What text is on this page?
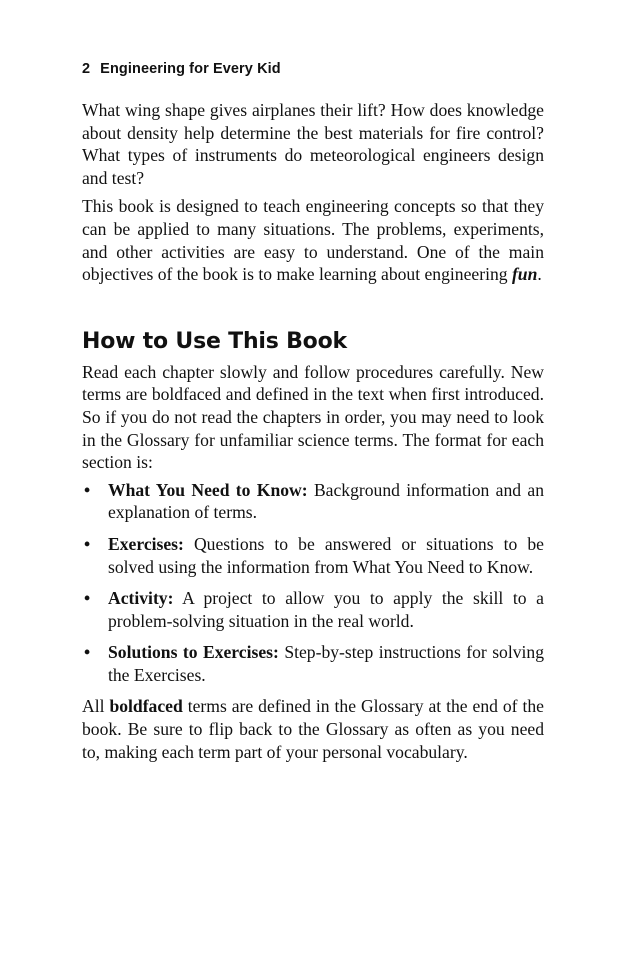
2 Engineering for Every Kid

What wing shape gives airplanes their lift? How does knowledge about density help determine the best materials for fire control? What types of instruments do meteorological engineers design and test?

This book is designed to teach engineering concepts so that they can be applied to many situations. The problems, experiments, and other activities are easy to understand. One of the main objectives of the book is to make learning about engineering fun.

How to Use This Book

Read each chapter slowly and follow procedures carefully. New terms are boldfaced and defined in the text when first introduced. So if you do not read the chapters in order, you may need to look in the Glossary for unfamiliar science terms. The format for each section is:

• What You Need to Know: Background information and an explanation of terms.
• Exercises: Questions to be answered or situations to be solved using the information from What You Need to Know.
• Activity: A project to allow you to apply the skill to a problem-solving situation in the real world.
• Solutions to Exercises: Step-by-step instructions for solving the Exercises.

All boldfaced terms are defined in the Glossary at the end of the book. Be sure to flip back to the Glossary as often as you need to, making each term part of your personal vocabulary.
